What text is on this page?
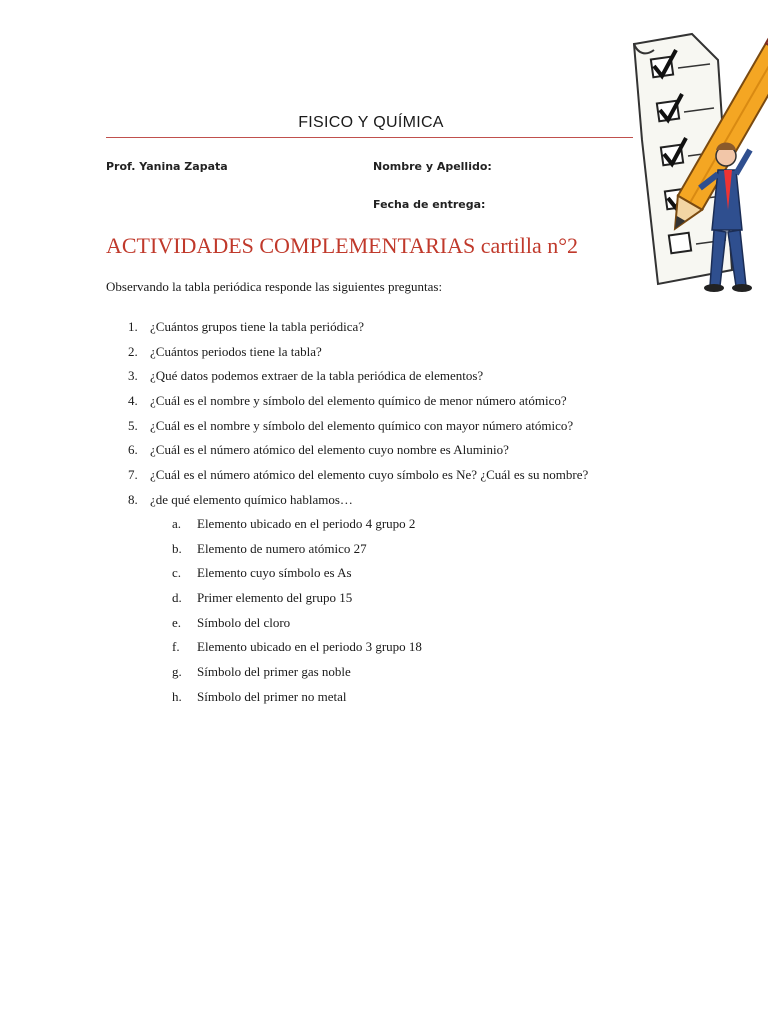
FISICO Y QUÍMICA
Prof. Yanina Zapata	Nombre y Apellido:
Fecha de entrega:
ACTIVIDADES COMPLEMENTARIAS cartilla n°2
Observando la tabla periódica responde las siguientes preguntas:
1. ¿Cuántos grupos tiene la tabla periódica?
2. ¿Cuántos periodos tiene la tabla?
3. ¿Qué datos podemos extraer de la tabla periódica de elementos?
4. ¿Cuál es el nombre y símbolo del elemento químico de menor número atómico?
5. ¿Cuál es el nombre y símbolo del elemento químico con mayor número atómico?
6. ¿Cuál es el número atómico del elemento cuyo nombre es Aluminio?
7. ¿Cuál es el número atómico del elemento cuyo símbolo es Ne? ¿Cuál es su nombre?
8. ¿de qué elemento químico hablamos…
a. Elemento ubicado en el periodo 4 grupo 2
b. Elemento de numero atómico 27
c. Elemento cuyo símbolo es As
d. Primer elemento del grupo 15
e. Símbolo del cloro
f. Elemento ubicado en el periodo 3 grupo 18
g. Símbolo del primer gas noble
h. Símbolo del primer no metal
